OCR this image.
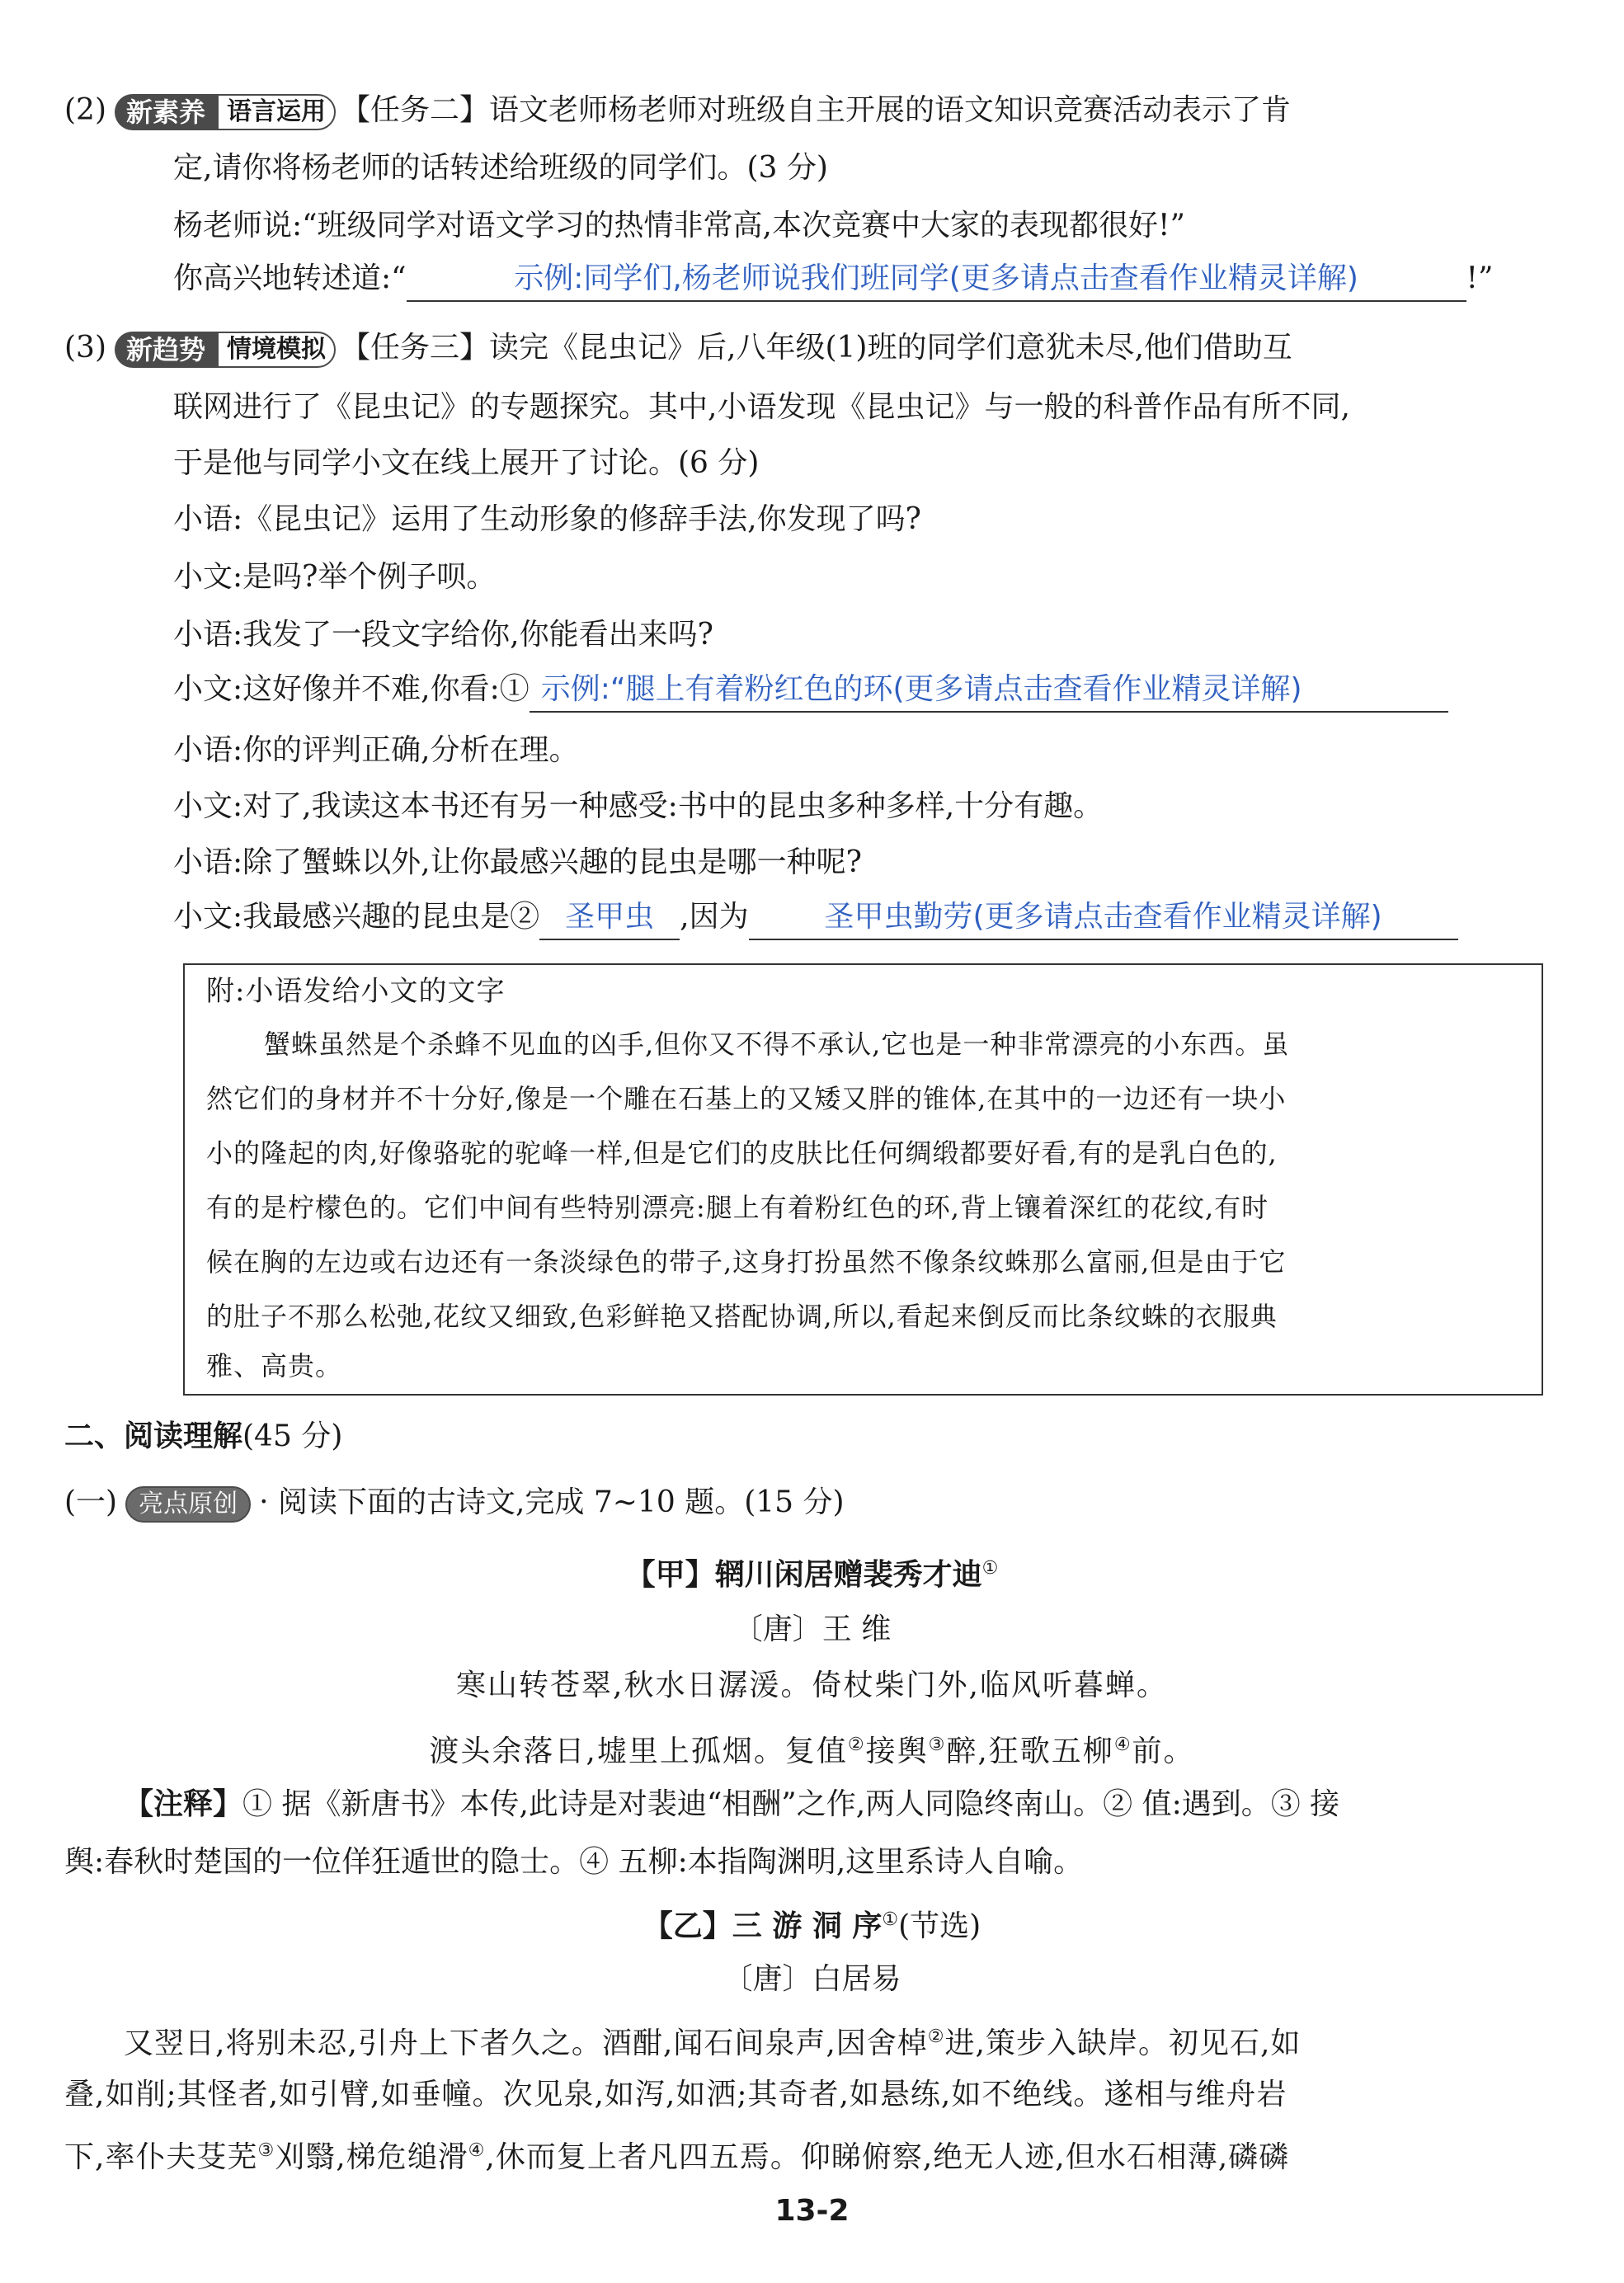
(2) 新素养 语言运用 【任务二】语文老师杨老师对班级自主开展的语文知识竞赛活动表示了肯
定,请你将杨老师的话转述给班级的同学们。(3 分)
杨老师说:“班级同学对语文学习的热情非常高,本次竞赛中大家的表现都很好!”
你高兴地转述道:“	示例:同学们,杨老师说我们班同学(更多请点击查看作业精灵详解)	!”
(3) 新趋势 情境模拟 【任务三】读完《昆虫记》后,八年级(1)班的同学们意犹未尽,他们借助互
联网进行了《昆虫记》的专题探究。其中,小语发现《昆虫记》与一般的科普作品有所不同,
于是他与同学小文在线上展开了讨论。(6 分)
小语:《昆虫记》运用了生动形象的修辞手法,你发现了吗?
小文:是吗?举个例子呗。
小语:我发了一段文字给你,你能看出来吗?
小文:这好像并不难,你看:① 示例:“腿上有着粉红色的环(更多请点击查看作业精灵详解)
小语:你的评判正确,分析在理。
小文:对了,我读这本书还有另一种感受:书中的昆虫多种多样,十分有趣。
小语:除了蟹蛛以外,让你最感兴趣的昆虫是哪一种呢?
小文:我最感兴趣的昆虫是② 圣甲虫 ,因为	圣甲虫勤劳(更多请点击查看作业精灵详解)
附:小语发给小文的文字
蟹蛛虽然是个杀蜂不见血的凶手,但你又不得不承认,它也是一种非常漂亮的小东西。虽
然它们的身材并不十分好,像是一个雕在石基上的又矮又胖的锥体,在其中的一边还有一块小
小的隆起的肉,好像骆驼的驼峰一样,但是它们的皮肤比任何绸缎都要好看,有的是乳白色的,
有的是柠檬色的。它们中间有些特别漂亮:腿上有着粉红色的环,背上镶着深红的花纹,有时
候在胸的左边或右边还有一条淡绿色的带子,这身打扮虽然不像条纹蛛那么富丽,但是由于它
的肚子不那么松弛,花纹又细致,色彩鲜艳又搭配协调,所以,看起来倒反而比条纹蛛的衣服典
雅、高贵。
二、阅读理解(45 分)
(一) 亮点原创 · 阅读下面的古诗文,完成 7~10 题。(15 分)
【甲】辋川闲居赠裴秀才迪①
〔唐〕王 维
寒山转苍翠,秋水日潺湲。倚杖柴门外,临风听暮蝉。
渡头余落日,墟里上孤烟。复值②接舆③醉,狂歌五柳④前。
【注释】① 据《新唐书》本传,此诗是对裴迪“相酬”之作,两人同隐终南山。② 值:遇到。③ 接
舆:春秋时楚国的一位佯狂遁世的隐士。④ 五柳:本指陶渊明,这里系诗人自喻。
【乙】三 游 洞 序①(节选)
〔唐〕白居易
又翌日,将别未忍,引舟上下者久之。酒酣,闻石间泉声,因舍棹②进,策步入缺岸。初见石,如
叠,如削;其怪者,如引臂,如垂幢。次见泉,如泻,如洒;其奇者,如悬练,如不绝线。遂相与维舟岩
下,率仆夫芟芜③刈翳,梯危缒滑④,休而复上者凡四五焉。仰睇俯察,绝无人迹,但水石相薄,磷磷
13-2
